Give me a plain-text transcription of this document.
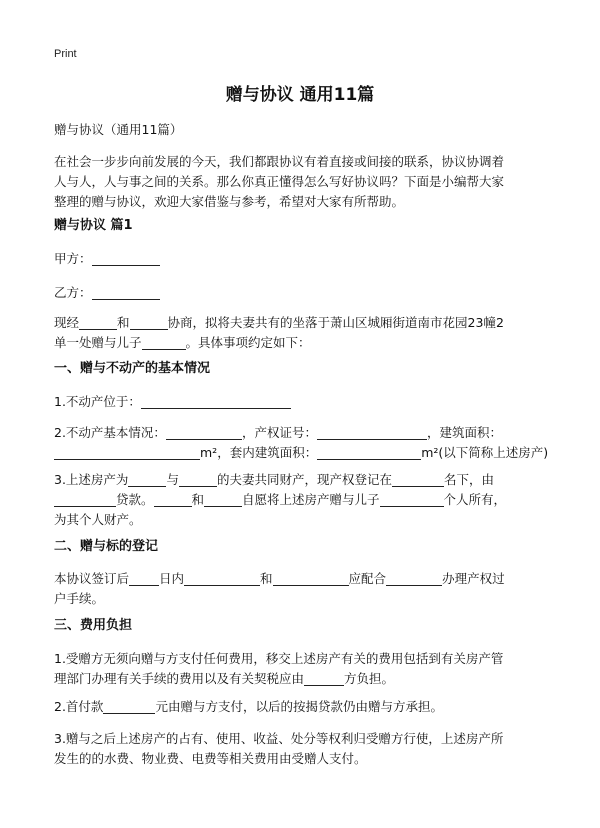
Print
赠与协议 通用11篇
赠与协议（通用11篇）
在社会一步步向前发展的今天，我们都跟协议有着直接或间接的联系，协议协调着
人与人，人与事之间的关系。那么你真正懂得怎么写好协议吗？下面是小编帮大家
整理的赠与协议，欢迎大家借鉴与参考，希望对大家有所帮助。
赠与协议 篇1
甲方：
乙方：
现经	和	协商，拟将夫妻共有的坐落于萧山区城厢街道南市花园23幢2
单一处赠与儿子	。具体事项约定如下：
一、赠与不动产的基本情况
1.不动产位于：
2.不动产基本情况：	，产权证号：	，建筑面积：
m²，套内建筑面积：	m²(以下简称上述房产)
3.上述房产为	与	的夫妻共同财产，现产权登记在	名下，由
贷款。	和	自愿将上述房产赠与儿子	个人所有，
为其个人财产。
二、赠与标的登记
本协议签订后 日内	和	应配合	办理产权过
户手续。
三、费用负担
1.受赠方无须向赠与方支付任何费用，移交上述房产有关的费用包括到有关房产管
理部门办理有关手续的费用以及有关契税应由	方负担。
2.首付款	元由赠与方支付，以后的按揭贷款仍由赠与方承担。
3.赠与之后上述房产的占有、使用、收益、处分等权利归受赠方行使，上述房产所
发生的的水费、物业费、电费等相关费用由受赠人支付。
